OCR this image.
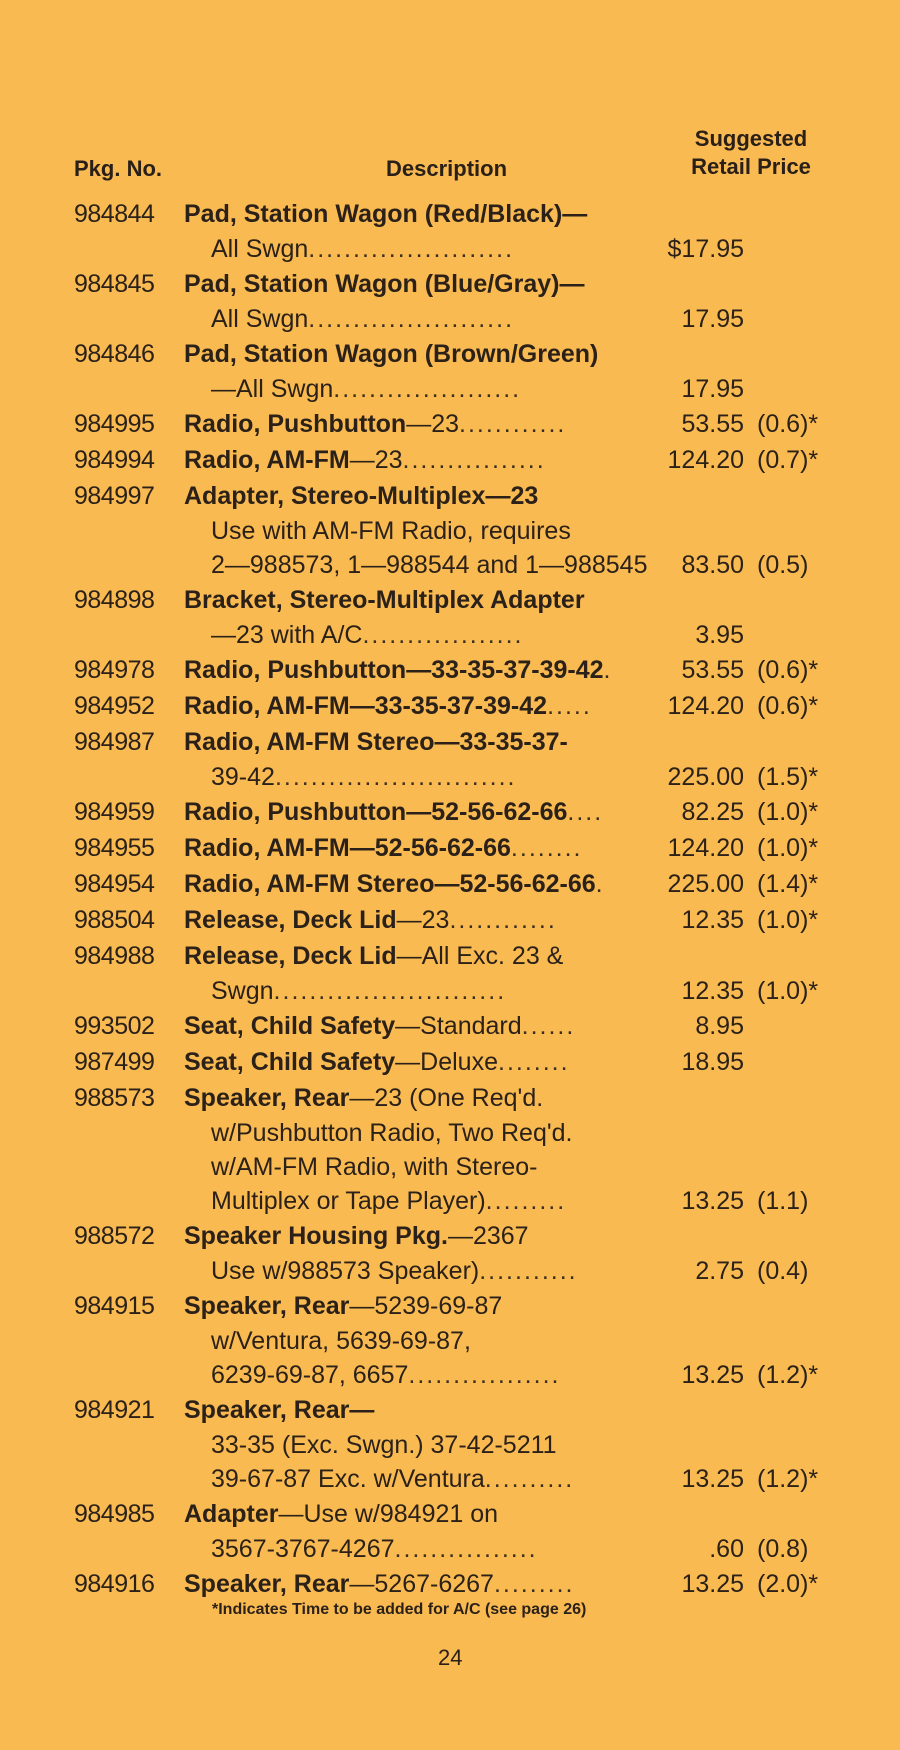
Pkg. No.	Description
Suggested
Retail Price
984844 Pad, Station Wagon (Red/Black)—
All Swgn.......................	$17.95
984845 Pad, Station Wagon (Blue/Gray)—
All Swgn.......................	17.95
984846 Pad, Station Wagon (Brown/Green)
—All Swgn.....................	17.95
984995 Radio, Pushbutton—23............	53.55 (0.6)*
984994 Radio, AM-FM—23................	124.20 (0.7)*
984997 Adapter, Stereo-Multiplex—23
Use with AM-FM Radio, requires
2—988573, 1—988544 and 1—988545	83.50 (0.5)
984898 Bracket, Stereo-Multiplex Adapter
—23 with A/C..................	3.95
984978 Radio, Pushbutton—33-35-37-39-42.	53.55 (0.6)*
984952 Radio, AM-FM—33-35-37-39-42.....	124.20 (0.6)*
984987 Radio, AM-FM Stereo—33-35-37-
39-42...........................	225.00 (1.5)*
984959 Radio, Pushbutton—52-56-62-66....	82.25 (1.0)*
984955 Radio, AM-FM—52-56-62-66........	124.20 (1.0)*
984954 Radio, AM-FM Stereo—52-56-62-66.	225.00 (1.4)*
988504 Release, Deck Lid—23............	12.35 (1.0)*
984988 Release, Deck Lid—All Exc. 23 &
Swgn..........................	12.35 (1.0)*
993502 Seat, Child Safety—Standard......	8.95
987499 Seat, Child Safety—Deluxe........	18.95
988573 Speaker, Rear—23 (One Req'd.
w/Pushbutton Radio, Two Req'd.
w/AM-FM Radio, with Stereo-
Multiplex or Tape Player).........	13.25 (1.1)
988572 Speaker Housing Pkg.—2367
Use w/988573 Speaker)...........	2.75 (0.4)
984915 Speaker, Rear—5239-69-87
w/Ventura, 5639-69-87,
6239-69-87, 6657.................	13.25 (1.2)*
984921 Speaker, Rear—
33-35 (Exc. Swgn.) 37-42-5211
39-67-87 Exc. w/Ventura..........	13.25 (1.2)*
984985 Adapter—Use w/984921 on
3567-3767-4267................	.60 (0.8)
984916 Speaker, Rear—5267-6267.........	13.25 (2.0)*
*Indicates Time to be added for A/C (see page 26)
24
